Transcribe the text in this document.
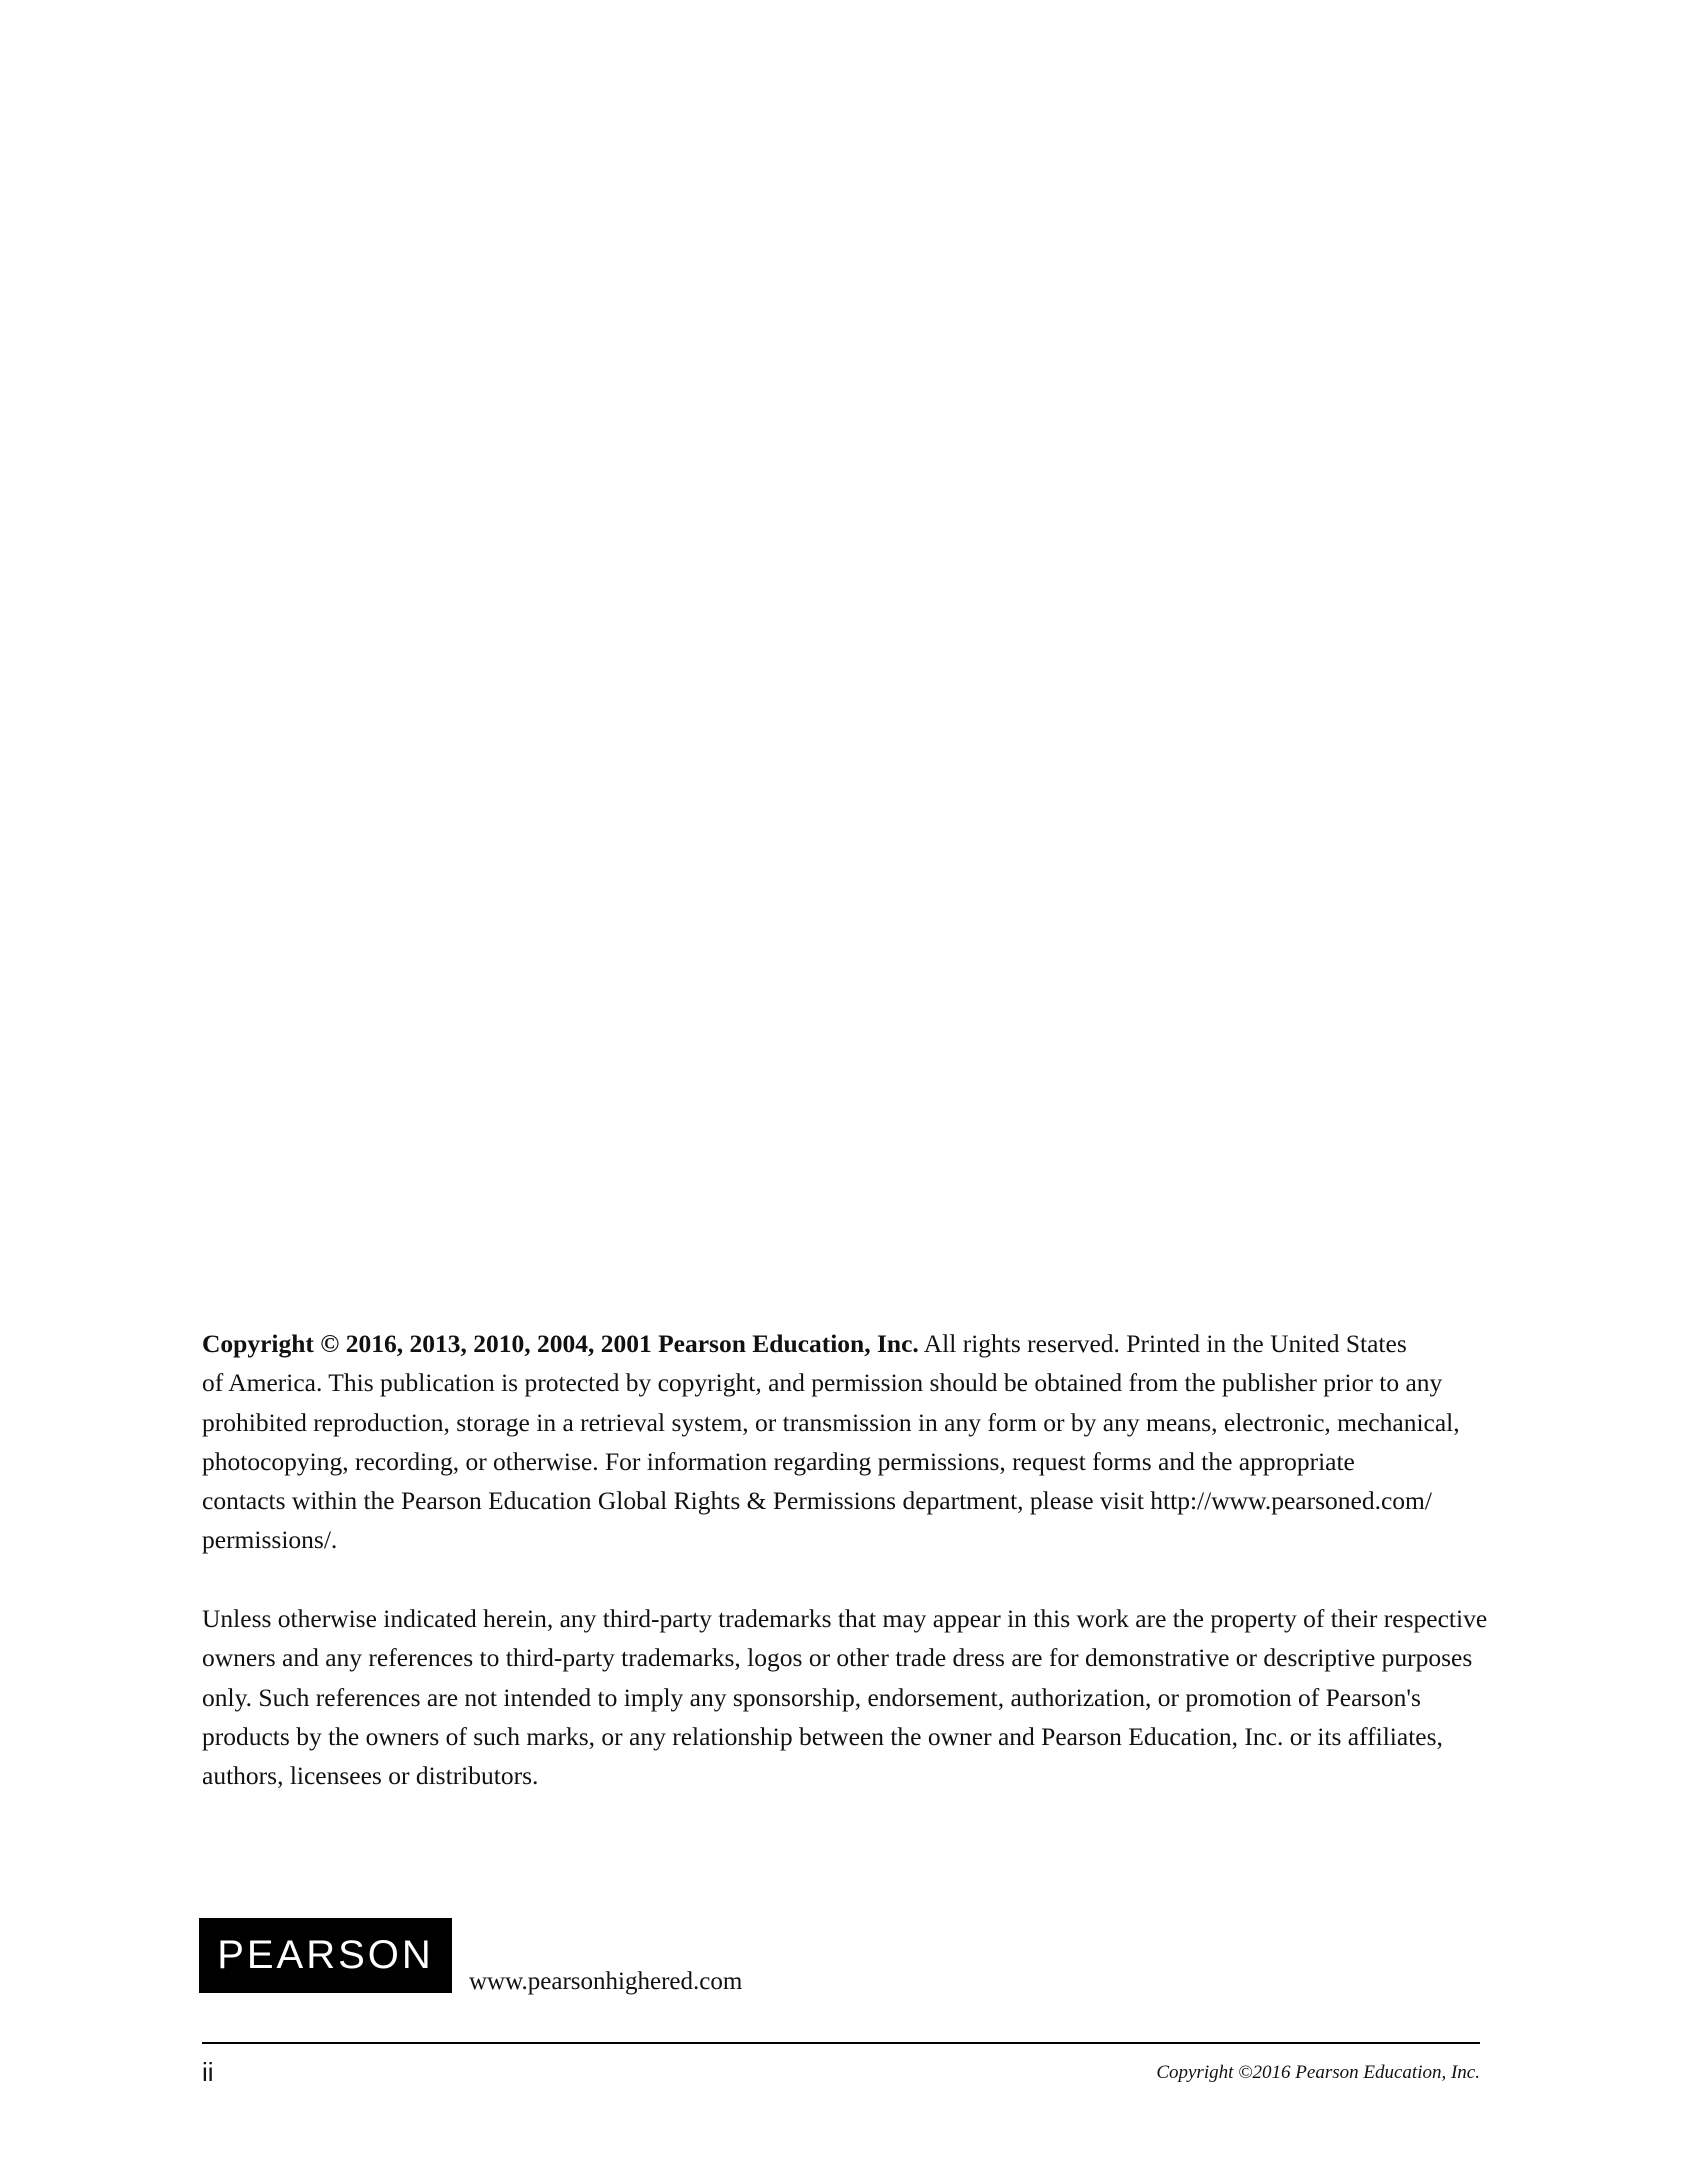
Copyright © 2016, 2013, 2010, 2004, 2001 Pearson Education, Inc. All rights reserved. Printed in the United States
of America. This publication is protected by copyright, and permission should be obtained from the publisher prior to any
prohibited reproduction, storage in a retrieval system, or transmission in any form or by any means, electronic, mechanical,
photocopying, recording, or otherwise. For information regarding permissions, request forms and the appropriate
contacts within the Pearson Education Global Rights & Permissions department, please visit http://www.pearsoned.com/
permissions/.
Unless otherwise indicated herein, any third-party trademarks that may appear in this work are the property of their respective
owners and any references to third-party trademarks, logos or other trade dress are for demonstrative or descriptive purposes
only. Such references are not intended to imply any sponsorship, endorsement, authorization, or promotion of Pearson's
products by the owners of such marks, or any relationship between the owner and Pearson Education, Inc. or its affiliates,
authors, licensees or distributors.
PEARSON
www.pearsonhighered.com
ii	Copyright ©2016 Pearson Education, Inc.
